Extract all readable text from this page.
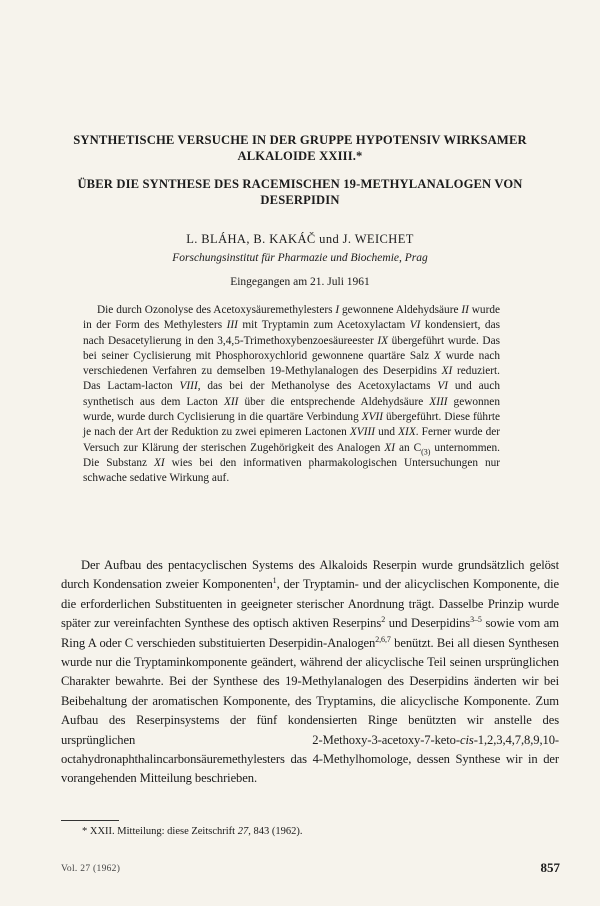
SYNTHETISCHE VERSUCHE IN DER GRUPPE HYPOTENSIV WIRKSAMER ALKALOIDE XXIII.*
ÜBER DIE SYNTHESE DES RACEMISCHEN 19-METHYLANALOGEN VON DESERPIDIN
L. BLÁHA, B. KAKÁČ und J. WEICHET
Forschungsinstitut für Pharmazie und Biochemie, Prag
Eingegangen am 21. Juli 1961

Die durch Ozonolyse des Acetoxysäuremethylesters I gewonnene Aldehydsäure II wurde in der Form des Methylesters III mit Tryptamin zum Acetoxylactam VI kondensiert, das nach Desacetylierung in den 3,4,5-Trimethoxybenzoesäureester IX übergeführt wurde. Das bei seiner Cyclisierung mit Phosphoroxychlorid gewonnene quartäre Salz X wurde nach verschiedenen Verfahren zu demselben 19-Methylanalogen des Deserpidins XI reduziert. Das Lactam-lacton VIII, das bei der Methanolyse des Acetoxylactams VI und auch synthetisch aus dem Lacton XII über die entsprechende Aldehydsäure XIII gewonnen wurde, wurde durch Cyclisierung in die quartäre Verbindung XVII übergeführt. Diese führte je nach der Art der Reduktion zu zwei epimeren Lactonen XVIII und XIX. Ferner wurde der Versuch zur Klärung der sterischen Zugehörigkeit des Analogen XI an $C_{(3)}$ unternommen. Die Substanz XI wies bei den informativen pharmakologischen Untersuchungen nur schwache sedative Wirkung auf.

Der Aufbau des pentacyclischen Systems des Alkaloids Reserpin wurde grundsätzlich gelöst durch Kondensation zweier Komponenten$^1$, der Tryptamin- und der alicyclischen Komponente, die die erforderlichen Substituenten in geeigneter sterischer Anordnung trägt. Dasselbe Prinzip wurde später zur vereinfachten Synthese des optisch aktiven Reserpins$^2$ und Deserpidins$^{3-5}$ sowie vom am Ring A oder C verschieden substituierten Deserpidin-Analogen$^{2,6,7}$ benützt. Bei all diesen Synthesen wurde nur die Tryptaminkomponente geändert, während der alicyclische Teil seinen ursprünglichen Charakter bewahrte. Bei der Synthese des 19-Methylanalogen des Deserpidins änderten wir bei Beibehaltung der aromatischen Komponente, des Tryptamins, die alicyclische Komponente. Zum Aufbau des Reserpinsystems der fünf kondensierten Ringe benützten wir anstelle des ursprünglichen 2-Methoxy-3-acetoxy-7-keto-cis-1,2,3,4,7,8,9,10-octahydronaphthalincarbonsäuremethylesters das 4-Methylhomologe, dessen Synthese wir in der vorangehenden Mitteilung beschrieben.

* XXII. Mitteilung: diese Zeitschrift 27, 843 (1962).
Vol. 27 (1962)	857
